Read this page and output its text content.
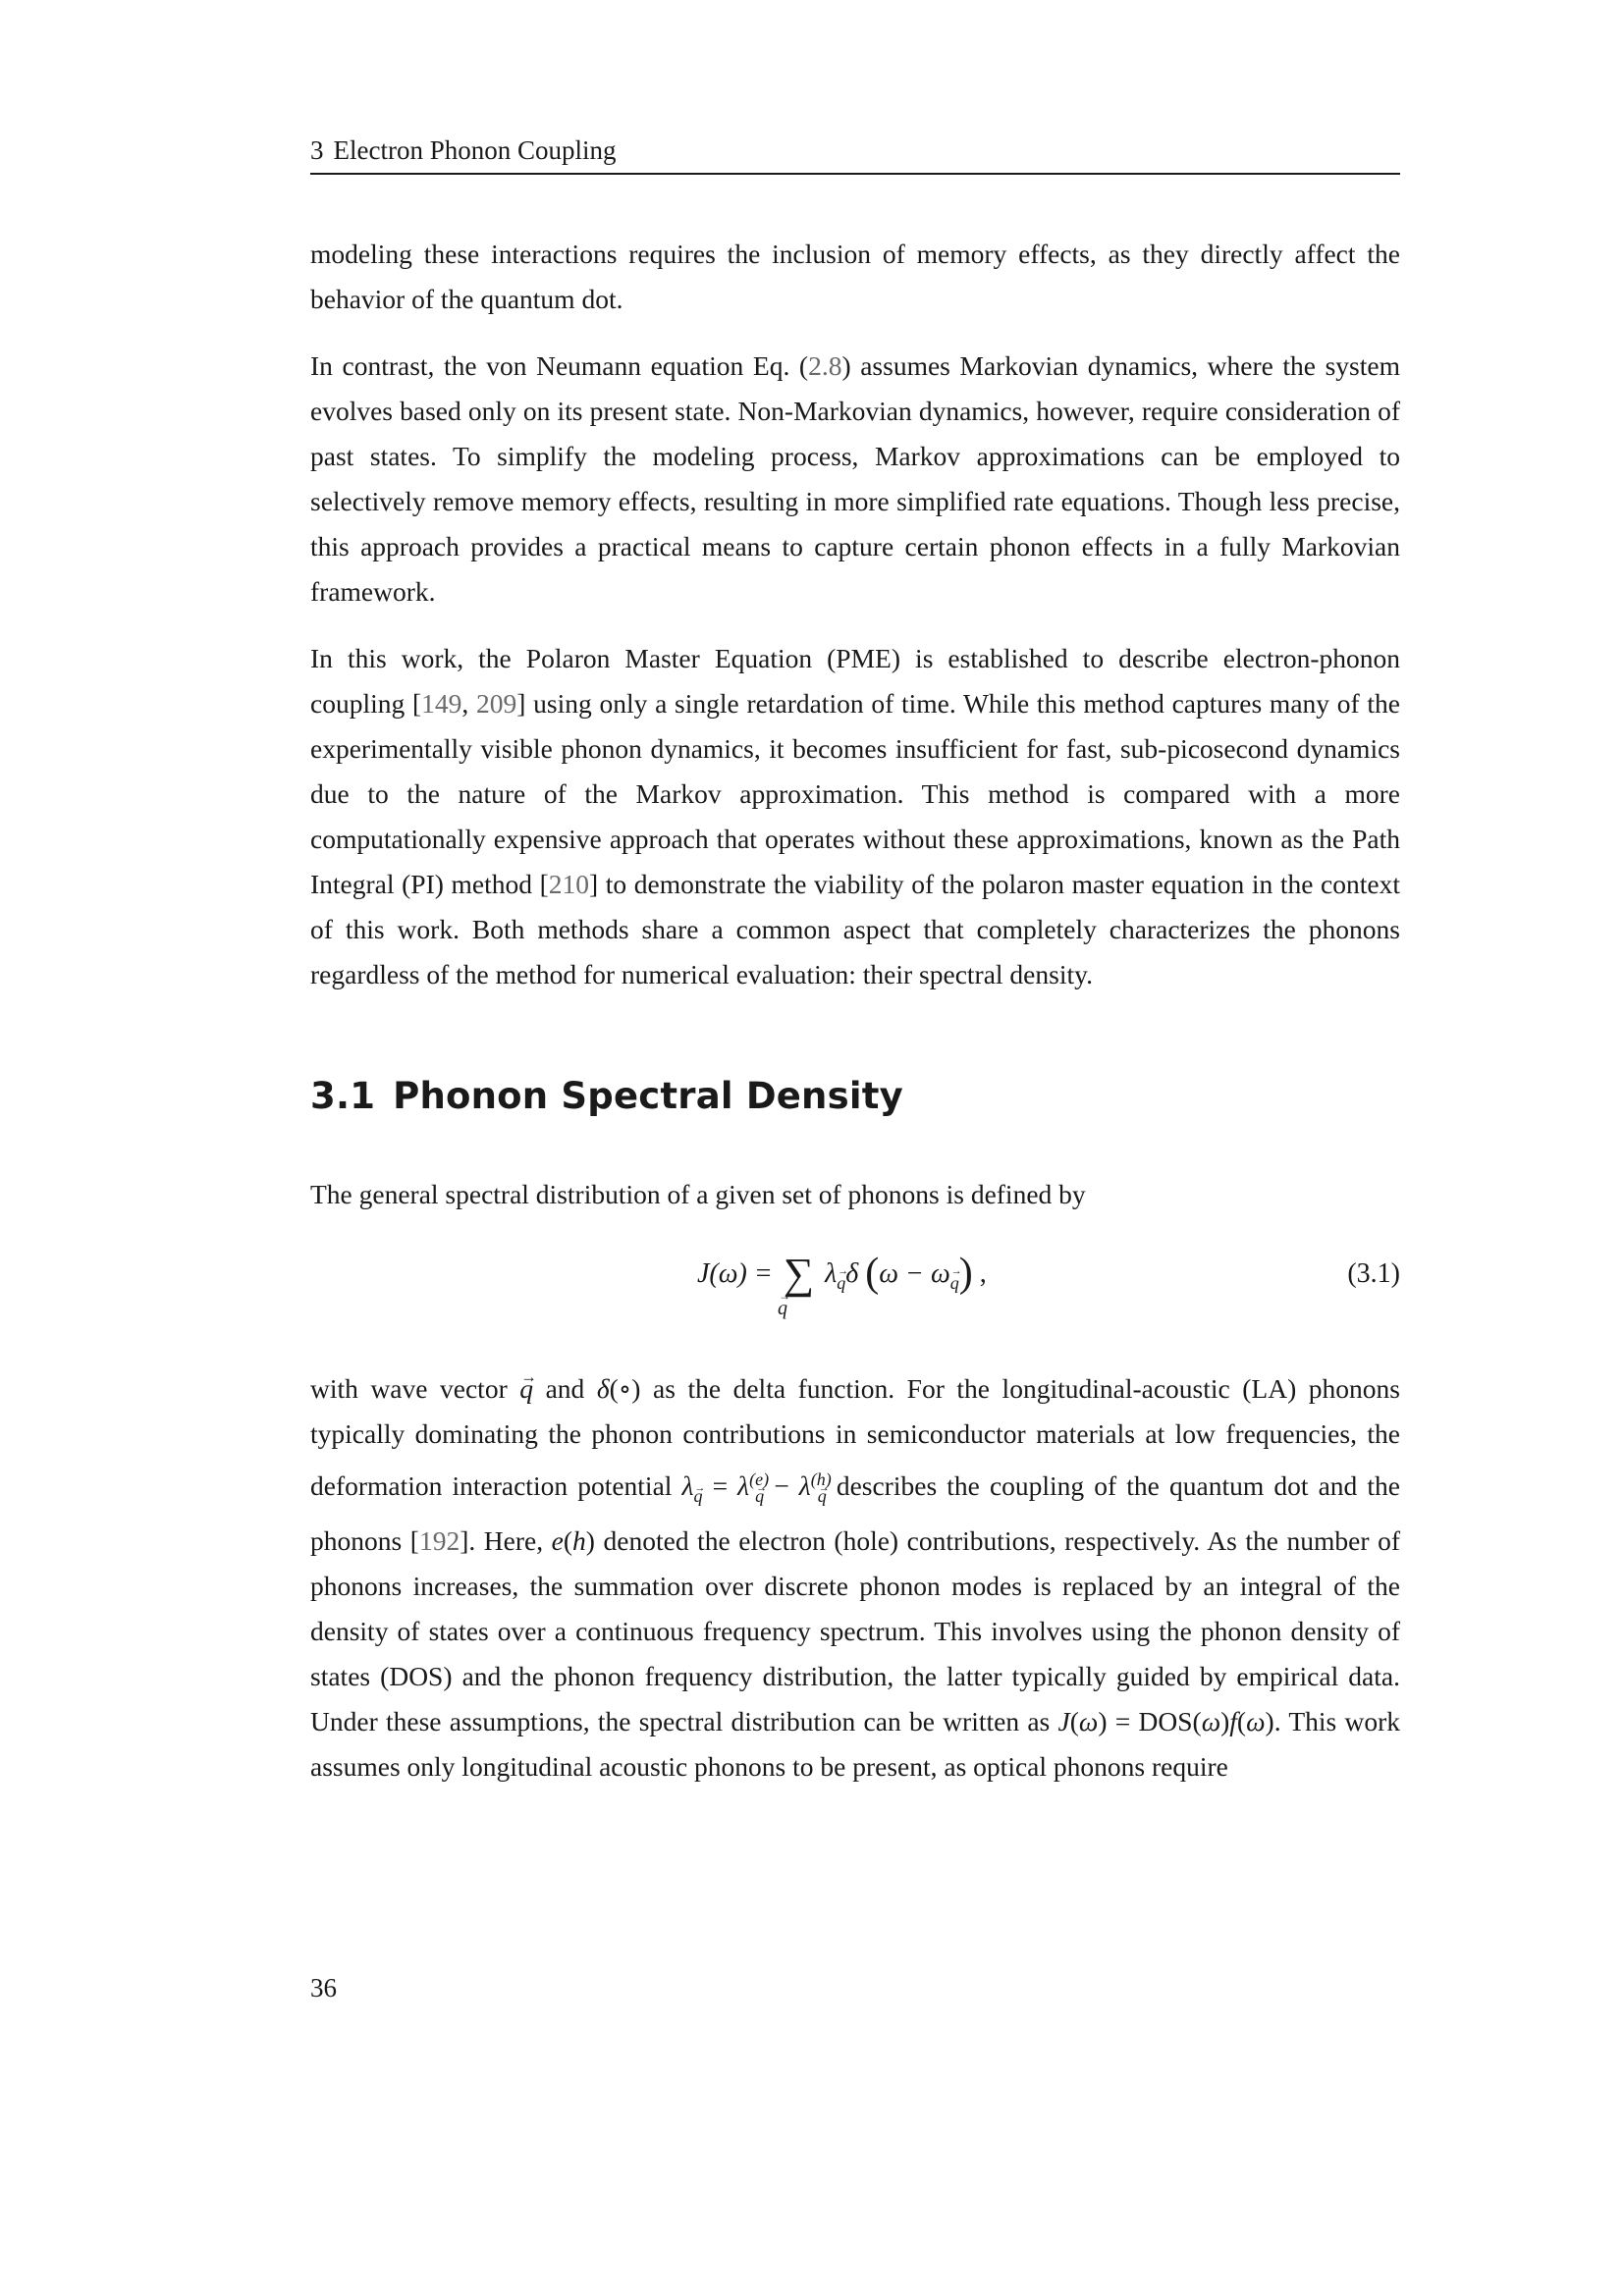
3 Electron Phonon Coupling

modeling these interactions requires the inclusion of memory effects, as they directly affect the behavior of the quantum dot.

In contrast, the von Neumann equation Eq. (2.8) assumes Markovian dynamics, where the system evolves based only on its present state. Non-Markovian dynamics, however, require consideration of past states. To simplify the modeling process, Markov approximations can be employed to selectively remove memory effects, resulting in more simplified rate equations. Though less precise, this approach provides a practical means to capture certain phonon effects in a fully Markovian framework.

In this work, the Polaron Master Equation (PME) is established to describe electron-phonon coupling [149, 209] using only a single retardation of time. While this method captures many of the experimentally visible phonon dynamics, it becomes insufficient for fast, sub-picosecond dynamics due to the nature of the Markov approximation. This method is compared with a more computationally expensive approach that operates without these approximations, known as the Path Integral (PI) method [210] to demonstrate the viability of the polaron master equation in the context of this work. Both methods share a common aspect that completely characterizes the phonons regardless of the method for numerical evaluation: their spectral density.

3.1 Phonon Spectral Density

The general spectral distribution of a given set of phonons is defined by

J(ω) = ∑ λ→ $_q$δ (ω − ω→ $_q$) ,
→ q
(3.1)

with wave vector → q and δ(∘) as the delta function. For the longitudinal-acoustic (LA) phonons typically dominating the phonon contributions in semiconductor materials at low frequencies, the deformation interaction potential $\lambda\to _q = \lambda^{(e)}\to _q - \lambda^{(h)}\to _q$ describes the coupling of the quantum dot and the phonons [192]. Here, e(h) denoted the electron (hole) contributions, respectively. As the number of phonons increases, the summation over discrete phonon modes is replaced by an integral of the density of states over a continuous frequency spectrum. This involves using the phonon density of states (DOS) and the phonon frequency distribution, the latter typically guided by empirical data. Under these assumptions, the spectral distribution can be written as J(ω) = DOS(ω)f(ω). This work assumes only longitudinal acoustic phonons to be present, as optical phonons require

36
